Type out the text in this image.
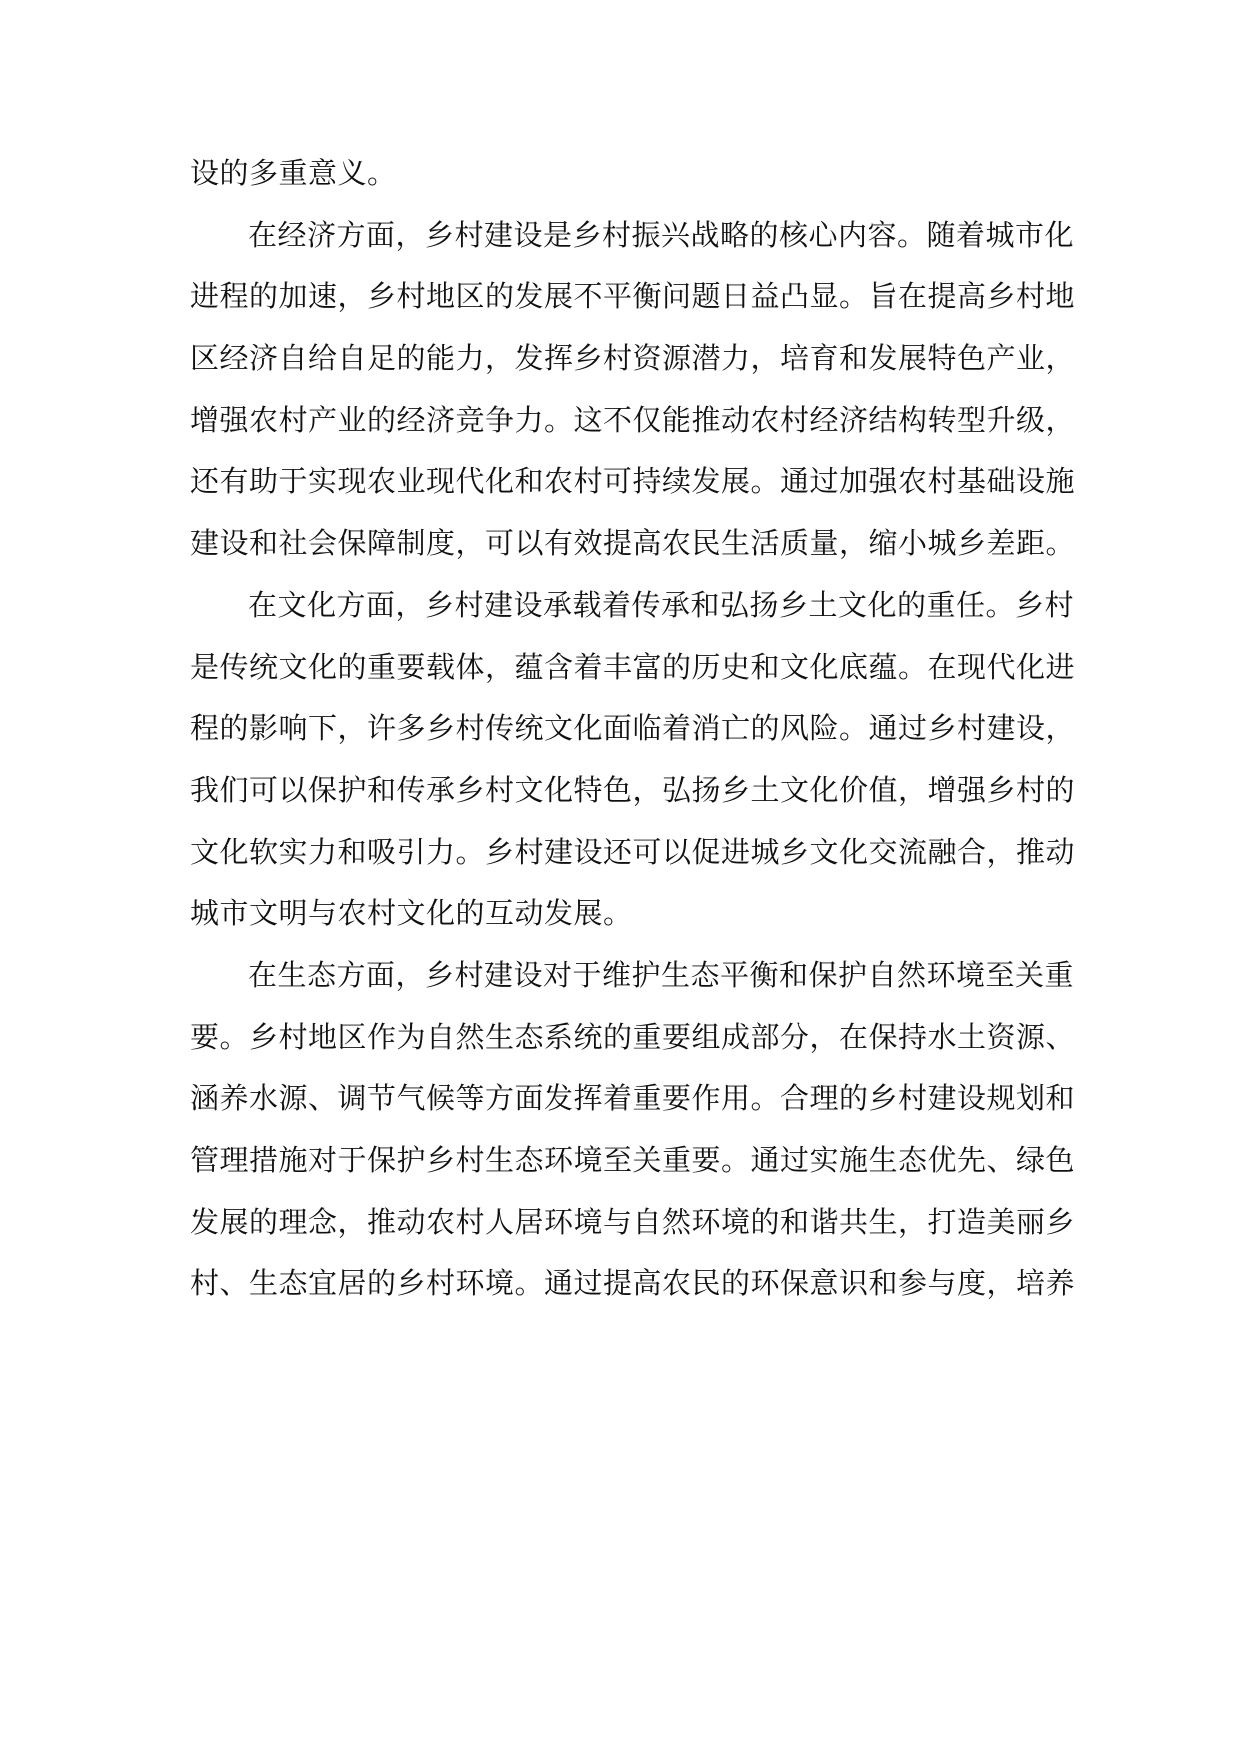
设的多重意义。
在经济方面，乡村建设是乡村振兴战略的核心内容。随着城市化
进程的加速，乡村地区的发展不平衡问题日益凸显。旨在提高乡村地
区经济自给自足的能力，发挥乡村资源潜力，培育和发展特色产业，
增强农村产业的经济竞争力。这不仅能推动农村经济结构转型升级，
还有助于实现农业现代化和农村可持续发展。通过加强农村基础设施
建设和社会保障制度，可以有效提高农民生活质量，缩小城乡差距。
在文化方面，乡村建设承载着传承和弘扬乡土文化的重任。乡村
是传统文化的重要载体，蕴含着丰富的历史和文化底蕴。在现代化进
程的影响下，许多乡村传统文化面临着消亡的风险。通过乡村建设，
我们可以保护和传承乡村文化特色，弘扬乡土文化价值，增强乡村的
文化软实力和吸引力。乡村建设还可以促进城乡文化交流融合，推动
城市文明与农村文化的互动发展。
在生态方面，乡村建设对于维护生态平衡和保护自然环境至关重
要。乡村地区作为自然生态系统的重要组成部分，在保持水土资源、
涵养水源、调节气候等方面发挥着重要作用。合理的乡村建设规划和
管理措施对于保护乡村生态环境至关重要。通过实施生态优先、绿色
发展的理念，推动农村人居环境与自然环境的和谐共生，打造美丽乡
村、生态宜居的乡村环境。通过提高农民的环保意识和参与度，培养
